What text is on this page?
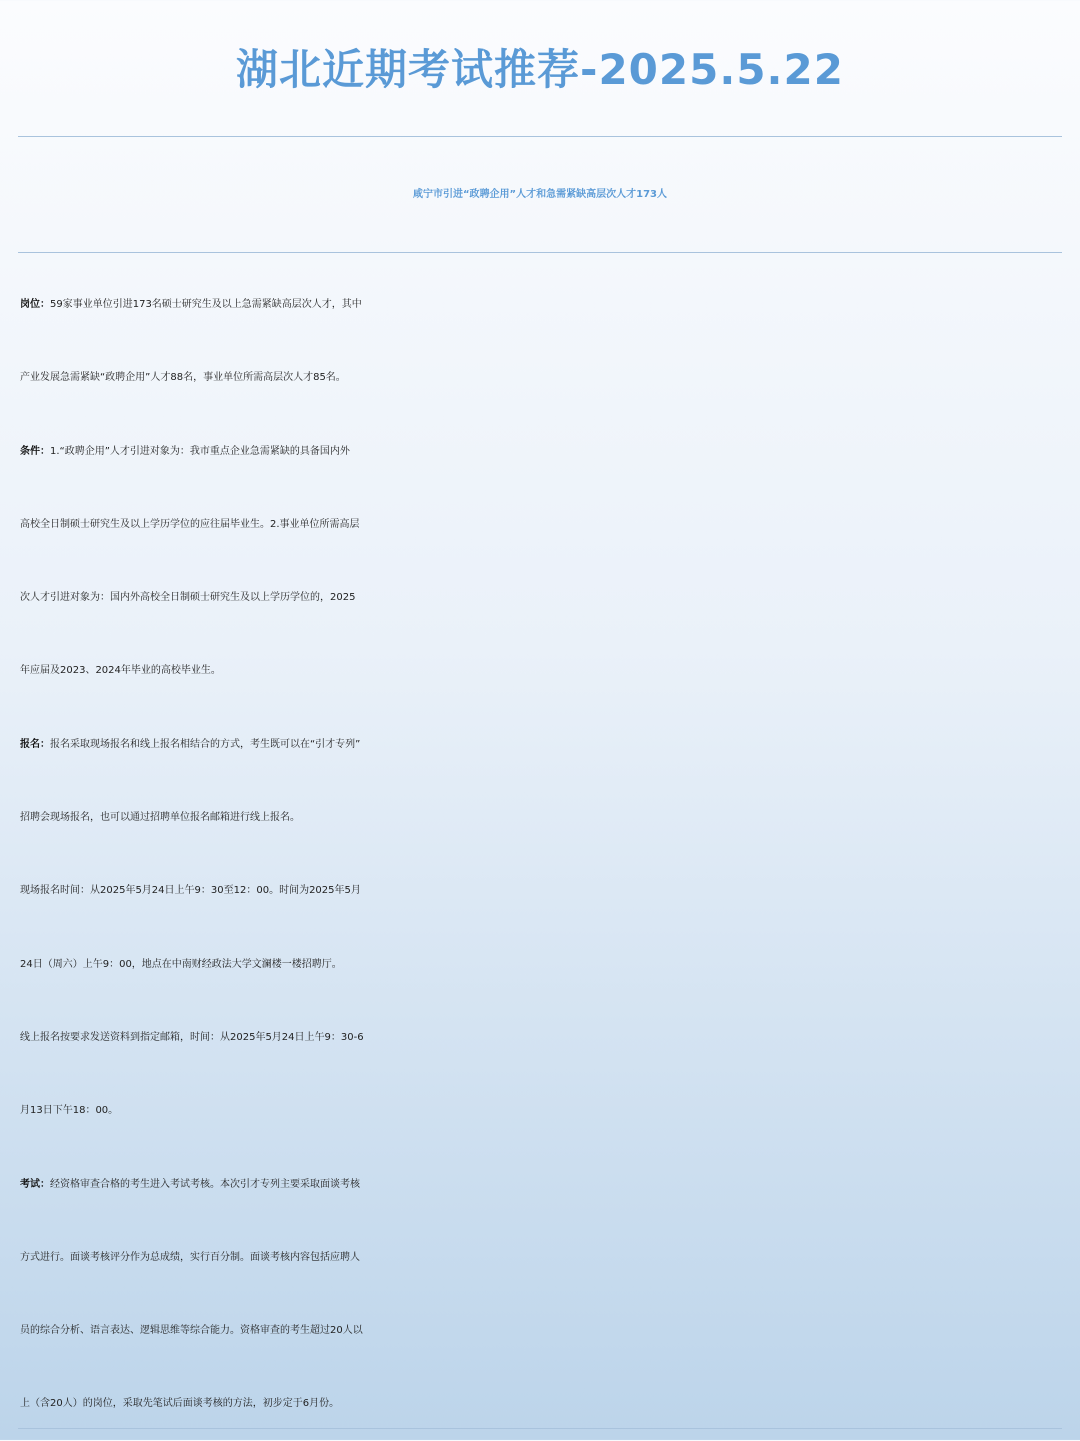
湖北近期考试推荐-2025.5.22
咸宁市引进“政聘企用”人才和急需紧缺高层次人才173人

岗位：59家事业单位引进173名硕士研究生及以上急需紧缺高层次人才，其中

产业发展急需紧缺“政聘企用”人才88名，事业单位所需高层次人才85名。

条件：1.“政聘企用”人才引进对象为：我市重点企业急需紧缺的具备国内外

高校全日制硕士研究生及以上学历学位的应往届毕业生。2.事业单位所需高层

次人才引进对象为：国内外高校全日制硕士研究生及以上学历学位的，2025

年应届及2023、2024年毕业的高校毕业生。

报名：报名采取现场报名和线上报名相结合的方式，考生既可以在“引才专列”

招聘会现场报名，也可以通过招聘单位报名邮箱进行线上报名。

现场报名时间：从2025年5月24日上午9：30至12：00。时间为2025年5月

24日（周六）上午9：00，地点在中南财经政法大学文澜楼一楼招聘厅。

线上报名按要求发送资料到指定邮箱，时间：从2025年5月24日上午9：30-6

月13日下午18：00。

考试：经资格审查合格的考生进入考试考核。本次引才专列主要采取面谈考核

方式进行。面谈考核评分作为总成绩，实行百分制。面谈考核内容包括应聘人

员的综合分析、语言表达、逻辑思维等综合能力。资格审查的考生超过20人以

上（含20人）的岗位，采取先笔试后面谈考核的方法，初步定于6月份。
